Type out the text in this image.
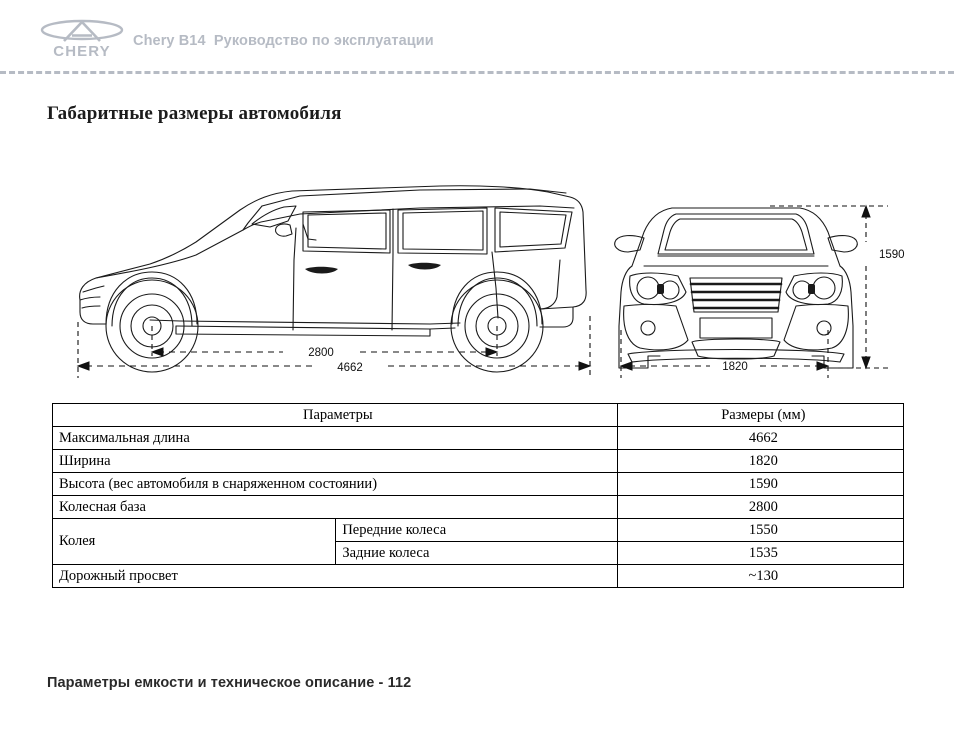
CHERY
Chery B14  Руководство по эксплуатации
Габаритные размеры автомобиля
2800
4662
1590
1820
Параметры		Размеры (мм)
Максимальная длина		4662
Ширина		1820
Высота (вес автомобиля в снаряженном состоянии)		1590
Колесная база		2800
Колея	Передние колеса	1550
	Задние колеса	1535
Дорожный просвет		~130
Параметры емкости и техническое описание - 112
